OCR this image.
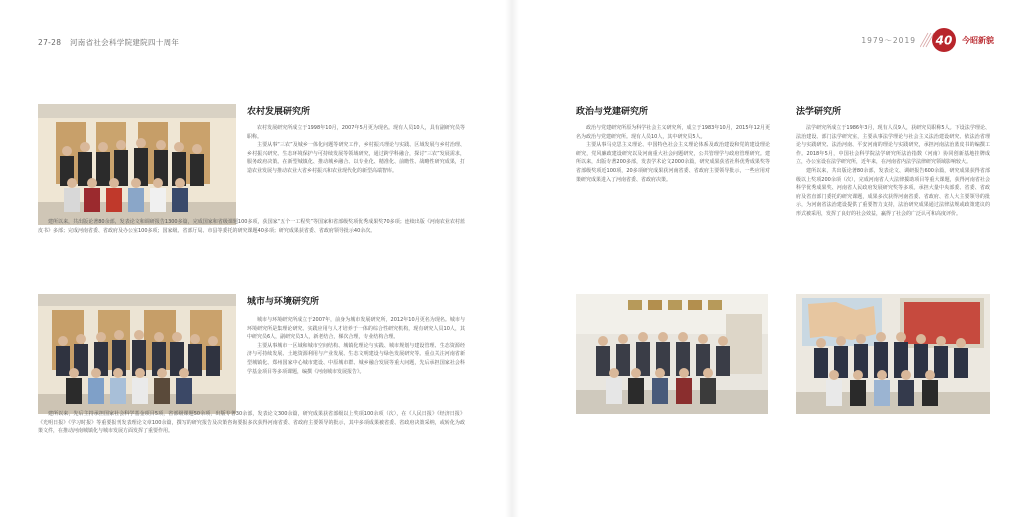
27-28 河南省社会科学院建院四十周年
农村发展研究所

农村发展研究所成立于1998年10月，2007年5月更为现名。现有人员10人，具有副研究员等职称。

主要从事“三农”及城乡一体化问题等研究工作，乡村振兴理论与实践、区域发展与乡村治理、乡村振兴研究、生态环境保护与可持续发展等领域研究，通过跨学科融合，探讨“三农”发展需求，服务政府决策。在新型城镇化、推动城乡融合、以专业化、精准化、前瞻性、战略性研究成果，打造农业发展与推动农业大省乡村振兴和农业现代化的新型高端智库。

建所以来，共出版论著80余部，发表论文和调研报告1300多篇，完成国家和省级课题100多项，获国家“五个一工程奖”等国家和省部级奖项优秀成果奖70多项；连续出版《河南农业农村蓝皮书》多部；完成河南省委、省政府及办公室100多项；国家级、省部厅局、市县等委托的研究课题40多项；研究成果获省委、省政府领导批示40余次。

城市与环境研究所

城市与环境研究所成立于2007年，前身为城市发展研究所，2012年10月更名为现名。城市与环境研究所是集理论研究、实践应用与人才培养于一体的综合性研究机构，现有研究人员10人，其中研究员6人，副研究员3人，新老结合，梯次合理，专业结构合理。

主要从事城市一区域和城市空间结构、城镇化理论与实践、城市规划与建设管理、生态资源经济与可持续发展、土地资源利用与产业发展、生态文明建设与绿色发展研究等。重点关注河南省新型城镇化、郑州国家中心城市建设、中原城市群、城乡融合发展等重大问题，先后承担国家社会科学基金项目等多项课题，编撰《河南城市发展报告》。

建所以来，先后主持承担国家社会科学基金项目5项，省部级课题50余项，出版专著30余部，发表论文300余篇，研究成果获省部级以上奖项100余项（次），在《人民日报》《经济日报》《光明日报》《学习时报》等重要报刊发表理论文章100余篇，撰写的研究报告及决策咨询要报多次获得河南省委、省政府主要领导的批示，其中多项成果被省委、省政府决策采纳，或转化为政策文件，在推动河南城镇化与城市发展方面发挥了重要作用。

1979～2019 40 今昭新貌
政治与党建研究所

政治与党建研究所原为科学社会主义研究所，成立于1983年10月，2015年12月更名为政治与党建研究所。现有人员10人，其中研究员5人。

主要从事马克思主义理论、中国特色社会主义理论体系及政治建设和党的建设理论研究，党风廉政建设研究以及河南重大社会问题研究，公共管理学与政府管理研究。建所以来，出版专著200多部，发表学术论文2000余篇，研究成果获省社科优秀成果奖等省部级奖项近100项，20多项研究成果获河南省委、省政府主要领导批示，一些应用对策研究成果进入了河南省委、省政府决策。

法学研究所

法学研究所成立于1986年3月，现有人员9人，获研究员职称5人。下设法学理论、法治建设、部门法学研究室，主要从事法学理论与社会主义法治建设研究、依法治省理论与实践研究、法治河南、平安河南的理论与实践研究，承担河南法治蓝皮书的编撰工作。2018年5月，中国社会科学院法学研究所法治指数（河南）协同创新基地挂牌成立，办公室设在法学研究所，近年来，在河南省内法学法律研究领域影响较大。

建所以来，共出版论著80余部，发表论文、调研报告600余篇，研究成果获得省部级以上奖项200余项（次），完成河南省人大法律援助项目等重大课题，获得河南省社会科学优秀成果奖、河南省人民政府发展研究奖等多项。承担大量中央部委、省委、省政府及省直部门委托的研究课题，成果多次获得河南省委、省政府、省人大主要领导的批示，为河南省法治建设提供了重要智力支持，法治研究成果通过法律法规或政策建议的形式被采用，发挥了良好的社会效益，赢得了社会的广泛认可和高度评价。
